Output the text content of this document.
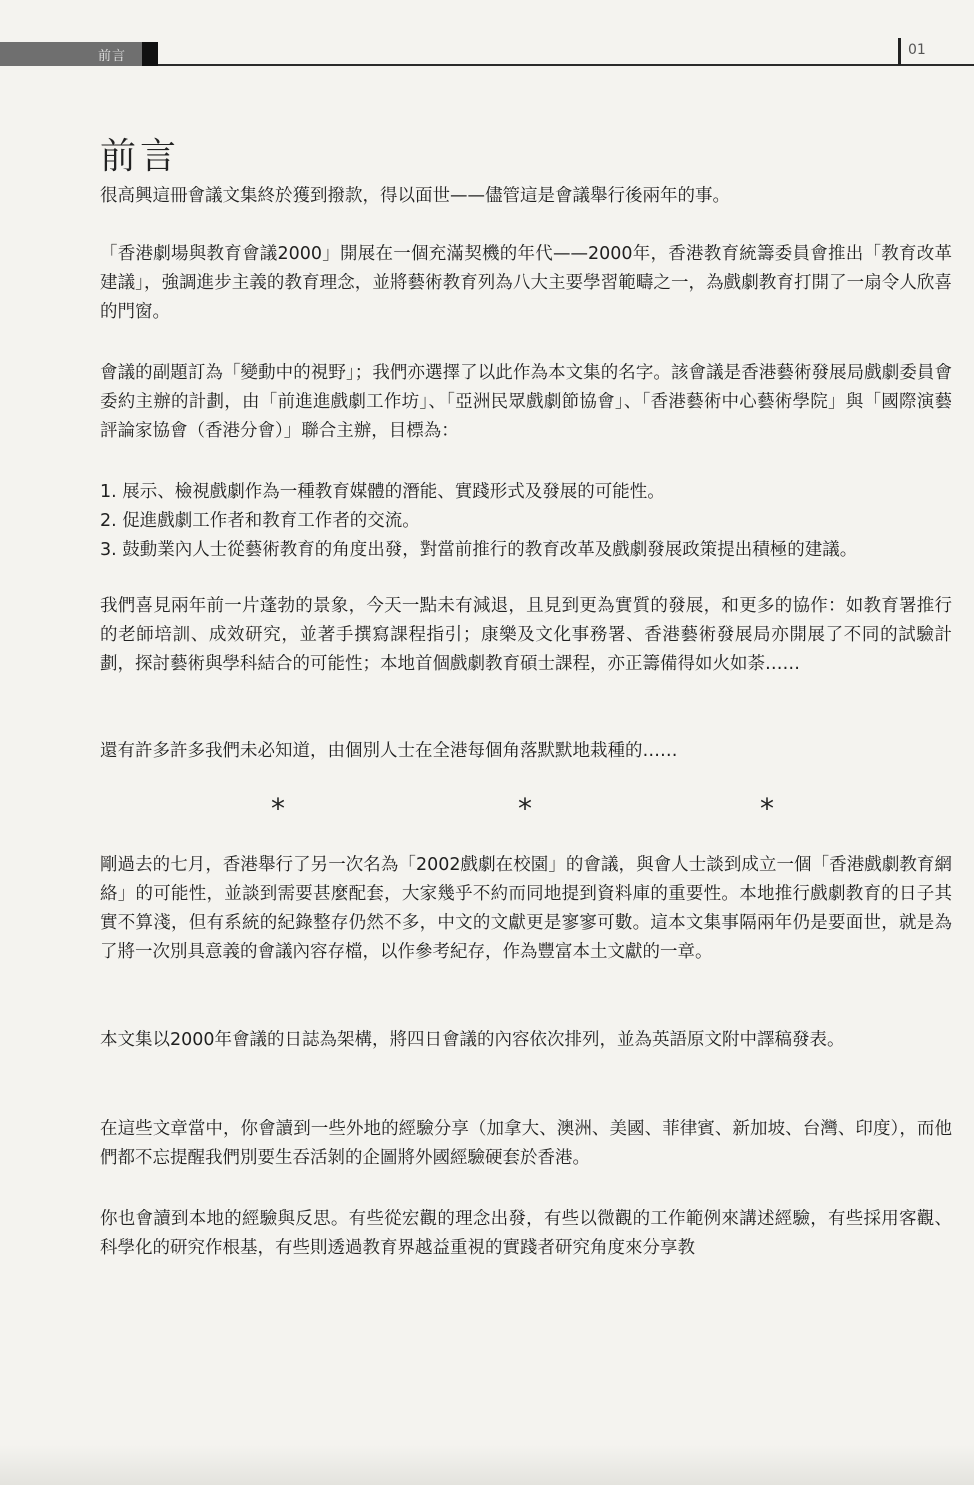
前言	01
前言

很高興這冊會議文集終於獲到撥款，得以面世——儘管這是會議舉行後兩年的事。

「香港劇場與教育會議2000」開展在一個充滿契機的年代——2000年，香港教育統籌委員會推出「教育改革建議」，強調進步主義的教育理念，並將藝術教育列為八大主要學習範疇之一，為戲劇教育打開了一扇令人欣喜的門窗。

會議的副題訂為「變動中的視野」；我們亦選擇了以此作為本文集的名字。該會議是香港藝術發展局戲劇委員會委約主辦的計劃，由「前進進戲劇工作坊」、「亞洲民眾戲劇節協會」、「香港藝術中心藝術學院」與「國際演藝評論家協會（香港分會）」聯合主辦，目標為：

1. 展示、檢視戲劇作為一種教育媒體的潛能、實踐形式及發展的可能性。
2. 促進戲劇工作者和教育工作者的交流。
3. 鼓動業內人士從藝術教育的角度出發，對當前推行的教育改革及戲劇發展政策提出積極的建議。

我們喜見兩年前一片蓬勃的景象，今天一點未有減退，且見到更為實質的發展，和更多的協作：如教育署推行的老師培訓、成效研究，並著手撰寫課程指引；康樂及文化事務署、香港藝術發展局亦開展了不同的試驗計劃，探討藝術與學科結合的可能性；本地首個戲劇教育碩士課程，亦正籌備得如火如荼……

還有許多許多我們未必知道，由個別人士在全港每個角落默默地栽種的……

*	*	*

剛過去的七月，香港舉行了另一次名為「2002戲劇在校園」的會議，與會人士談到成立一個「香港戲劇教育網絡」的可能性，並談到需要甚麼配套，大家幾乎不約而同地提到資料庫的重要性。本地推行戲劇教育的日子其實不算淺，但有系統的紀錄整存仍然不多，中文的文獻更是寥寥可數。這本文集事隔兩年仍是要面世，就是為了將一次別具意義的會議內容存檔，以作參考紀存，作為豐富本土文獻的一章。

本文集以2000年會議的日誌為架構，將四日會議的內容依次排列，並為英語原文附中譯稿發表。

在這些文章當中，你會讀到一些外地的經驗分享（加拿大、澳洲、美國、菲律賓、新加坡、台灣、印度），而他們都不忘提醒我們別要生吞活剝的企圖將外國經驗硬套於香港。

你也會讀到本地的經驗與反思。有些從宏觀的理念出發，有些以微觀的工作範例來講述經驗，有些採用客觀、科學化的研究作根基，有些則透過教育界越益重視的實踐者研究角度來分享教
